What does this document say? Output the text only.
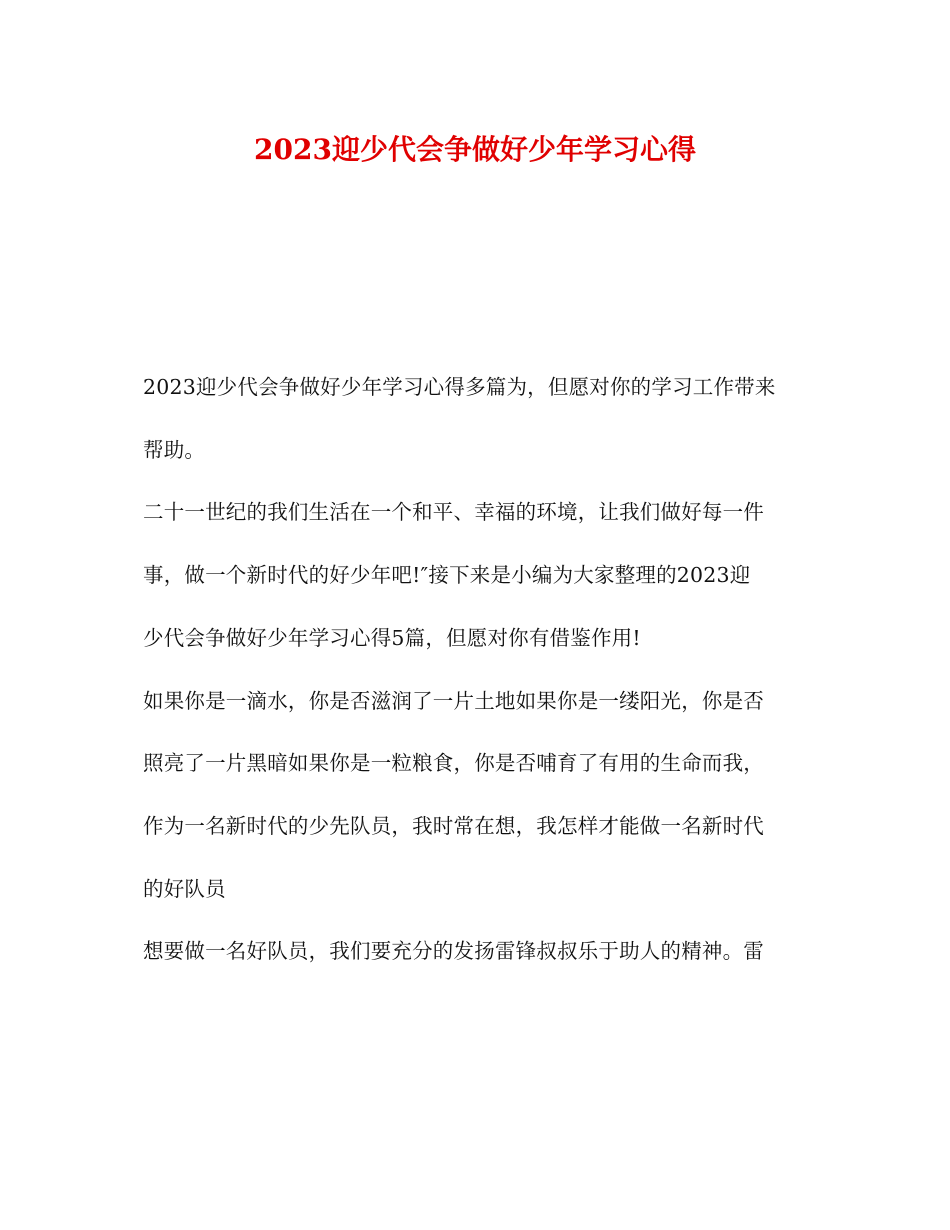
2023迎少代会争做好少年学习心得
2023迎少代会争做好少年学习心得多篇为，但愿对你的学习工作带来
帮助。
二十一世纪的我们生活在一个和平、幸福的环境，让我们做好每一件
事，做一个新时代的好少年吧!″接下来是小编为大家整理的2023迎
少代会争做好少年学习心得5篇，但愿对你有借鉴作用!
如果你是一滴水，你是否滋润了一片土地如果你是一缕阳光，你是否
照亮了一片黑暗如果你是一粒粮食，你是否哺育了有用的生命而我，
作为一名新时代的少先队员，我时常在想，我怎样才能做一名新时代
的好队员
想要做一名好队员，我们要充分的发扬雷锋叔叔乐于助人的精神。雷
